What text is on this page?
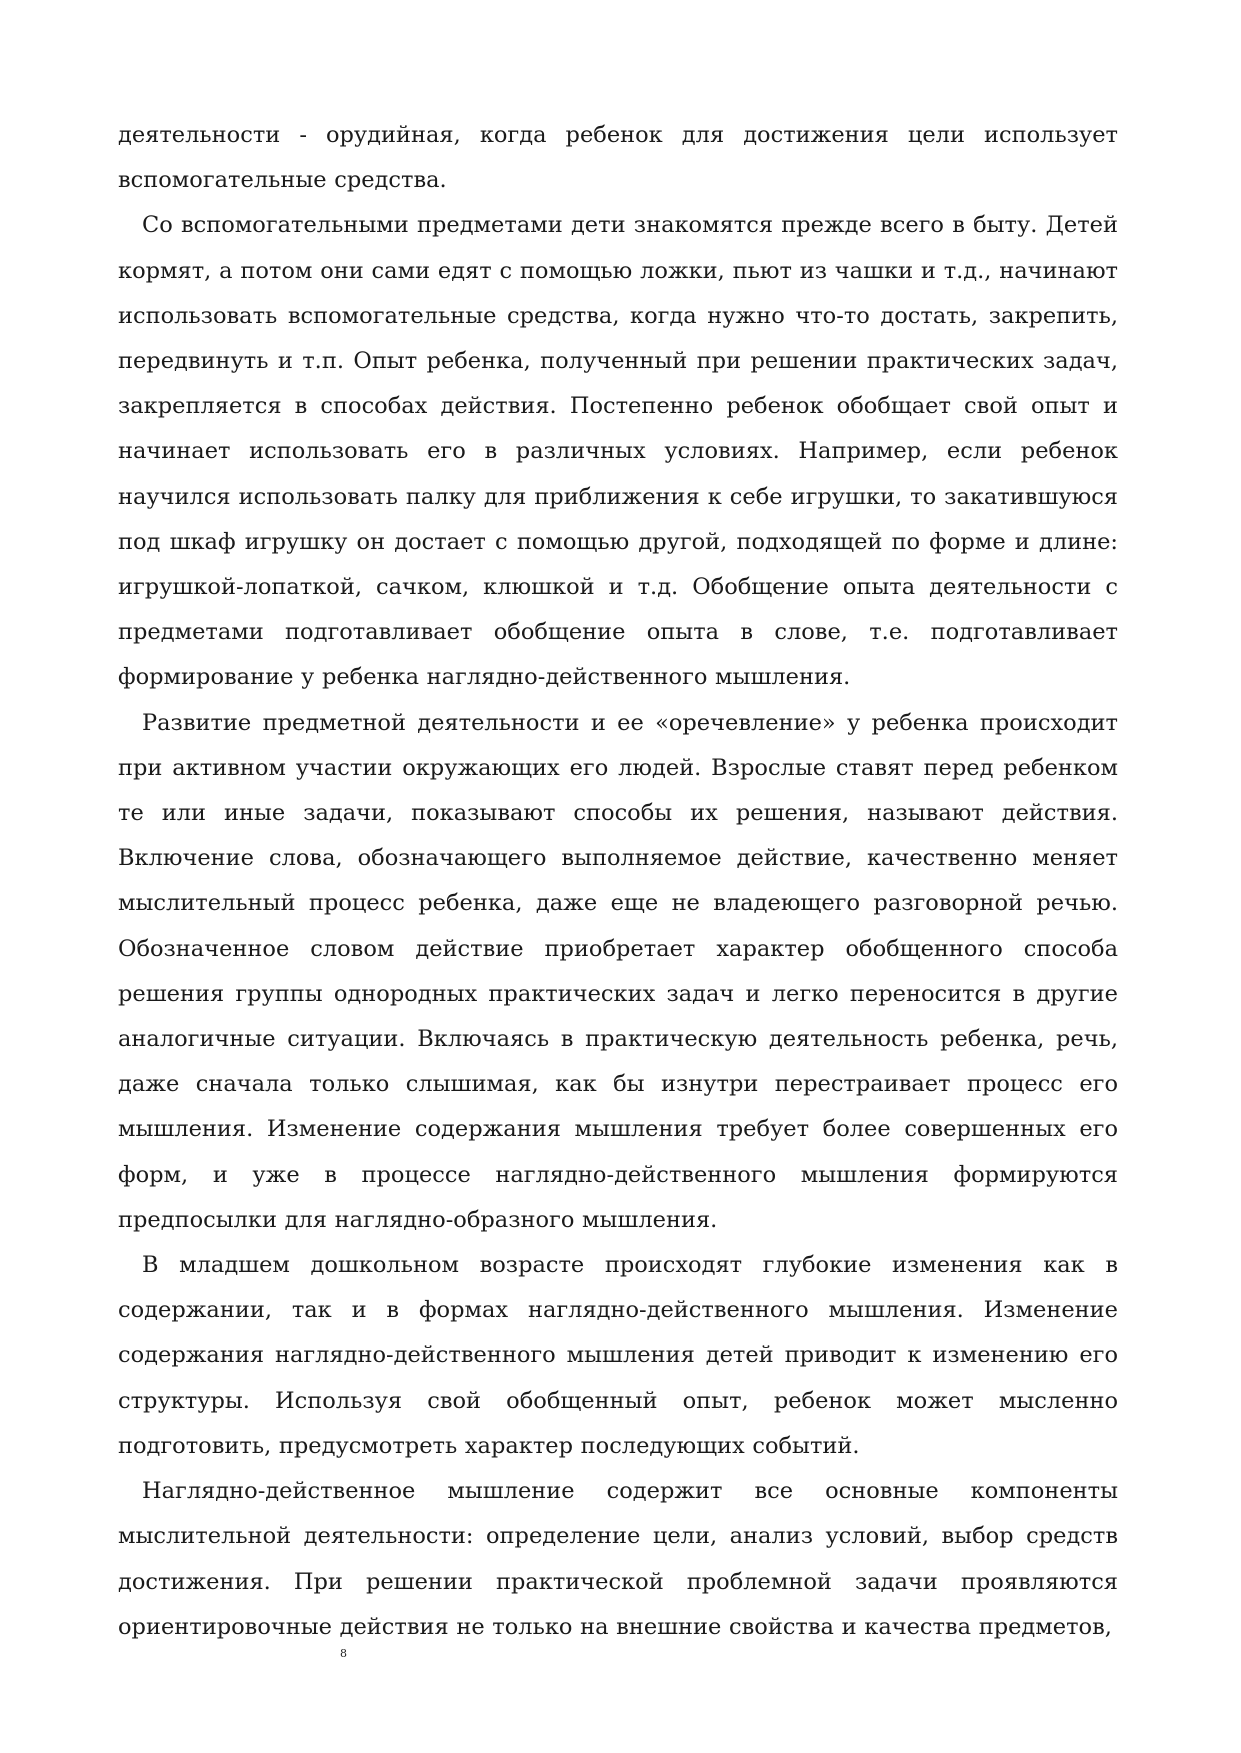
деятельности - орудийная, когда ребенок для достижения цели использует вспомогательные средства.

Со вспомогательными предметами дети знакомятся прежде всего в быту. Детей кормят, а потом они сами едят с помощью ложки, пьют из чашки и т.д., начинают использовать вспомогательные средства, когда нужно что-то достать, закрепить, передвинуть и т.п. Опыт ребенка, полученный при решении практических задач, закрепляется в способах действия. Постепенно ребенок обобщает свой опыт и начинает использовать его в различных условиях. Например, если ребенок научился использовать палку для приближения к себе игрушки, то закатившуюся под шкаф игрушку он достает с помощью другой, подходящей по форме и длине: игрушкой-лопаткой, сачком, клюшкой и т.д. Обобщение опыта деятельности с предметами подготавливает обобщение опыта в слове, т.е. подготавливает формирование у ребенка наглядно-действенного мышления.

Развитие предметной деятельности и ее «оречевление» у ребенка происходит при активном участии окружающих его людей. Взрослые ставят перед ребенком те или иные задачи, показывают способы их решения, называют действия. Включение слова, обозначающего выполняемое действие, качественно меняет мыслительный процесс ребенка, даже еще не владеющего разговорной речью. Обозначенное словом действие приобретает характер обобщенного способа решения группы однородных практических задач и легко переносится в другие аналогичные ситуации. Включаясь в практическую деятельность ребенка, речь, даже сначала только слышимая, как бы изнутри перестраивает процесс его мышления. Изменение содержания мышления требует более совершенных его форм, и уже в процессе наглядно-действенного мышления формируются предпосылки для наглядно-образного мышления.

В младшем дошкольном возрасте происходят глубокие изменения как в содержании, так и в формах наглядно-действенного мышления. Изменение содержания наглядно-действенного мышления детей приводит к изменению его структуры. Используя свой обобщенный опыт, ребенок может мысленно подготовить, предусмотреть характер последующих событий.

Наглядно-действенное мышление содержит все основные компоненты мыслительной деятельности: определение цели, анализ условий, выбор средств достижения. При решении практической проблемной задачи проявляются ориентировочные действия не только на внешние свойства и качества предметов,

8
